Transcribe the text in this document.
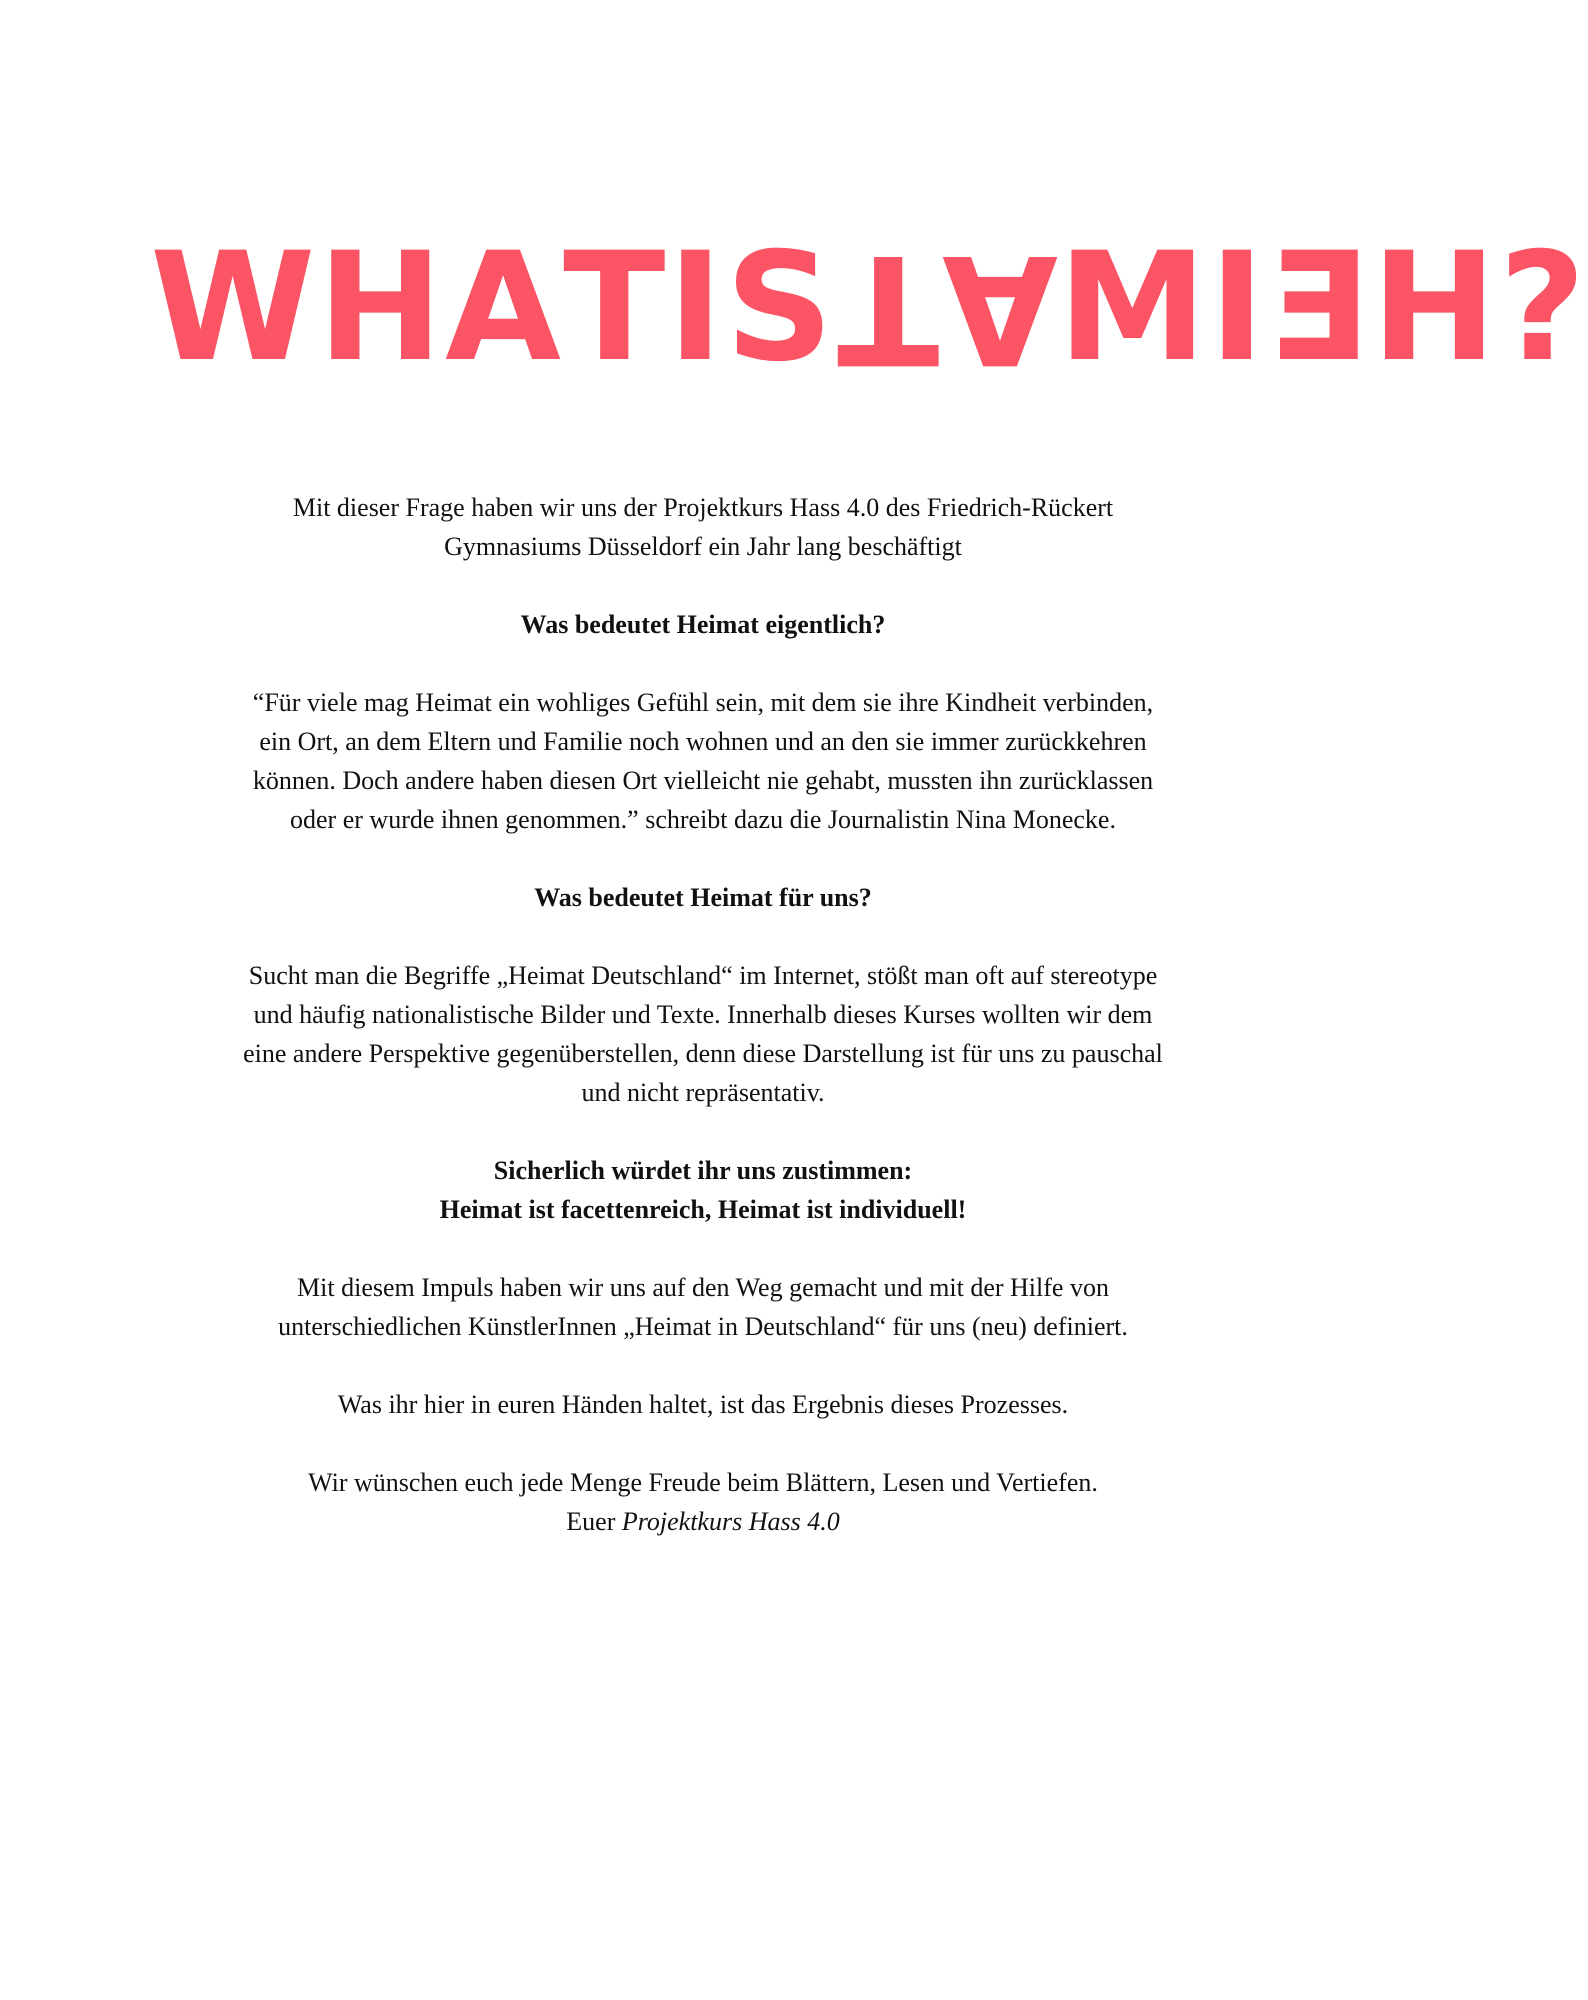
W H A T I S T A M I E H ?

Mit dieser Frage haben wir uns der Projektkurs Hass 4.0 des Friedrich-Rückert
Gymnasiums Düsseldorf ein Jahr lang beschäftigt

Was bedeutet Heimat eigentlich?

“Für viele mag Heimat ein wohliges Gefühl sein, mit dem sie ihre Kindheit verbinden,
ein Ort, an dem Eltern und Familie noch wohnen und an den sie immer zurückkehren
können. Doch andere haben diesen Ort vielleicht nie gehabt, mussten ihn zurücklassen
oder er wurde ihnen genommen.” schreibt dazu die Journalistin Nina Monecke.

Was bedeutet Heimat für uns?

Sucht man die Begriffe „Heimat Deutschland“ im Internet, stößt man oft auf stereotype
und häufig nationalistische Bilder und Texte. Innerhalb dieses Kurses wollten wir dem
eine andere Perspektive gegenüberstellen, denn diese Darstellung ist für uns zu pauschal
und nicht repräsentativ.

Sicherlich würdet ihr uns zustimmen:
Heimat ist facettenreich, Heimat ist individuell!

Mit diesem Impuls haben wir uns auf den Weg gemacht und mit der Hilfe von
unterschiedlichen KünstlerInnen „Heimat in Deutschland“ für uns (neu) definiert.

Was ihr hier in euren Händen haltet, ist das Ergebnis dieses Prozesses.

Wir wünschen euch jede Menge Freude beim Blättern, Lesen und Vertiefen.
Euer Projektkurs Hass 4.0
